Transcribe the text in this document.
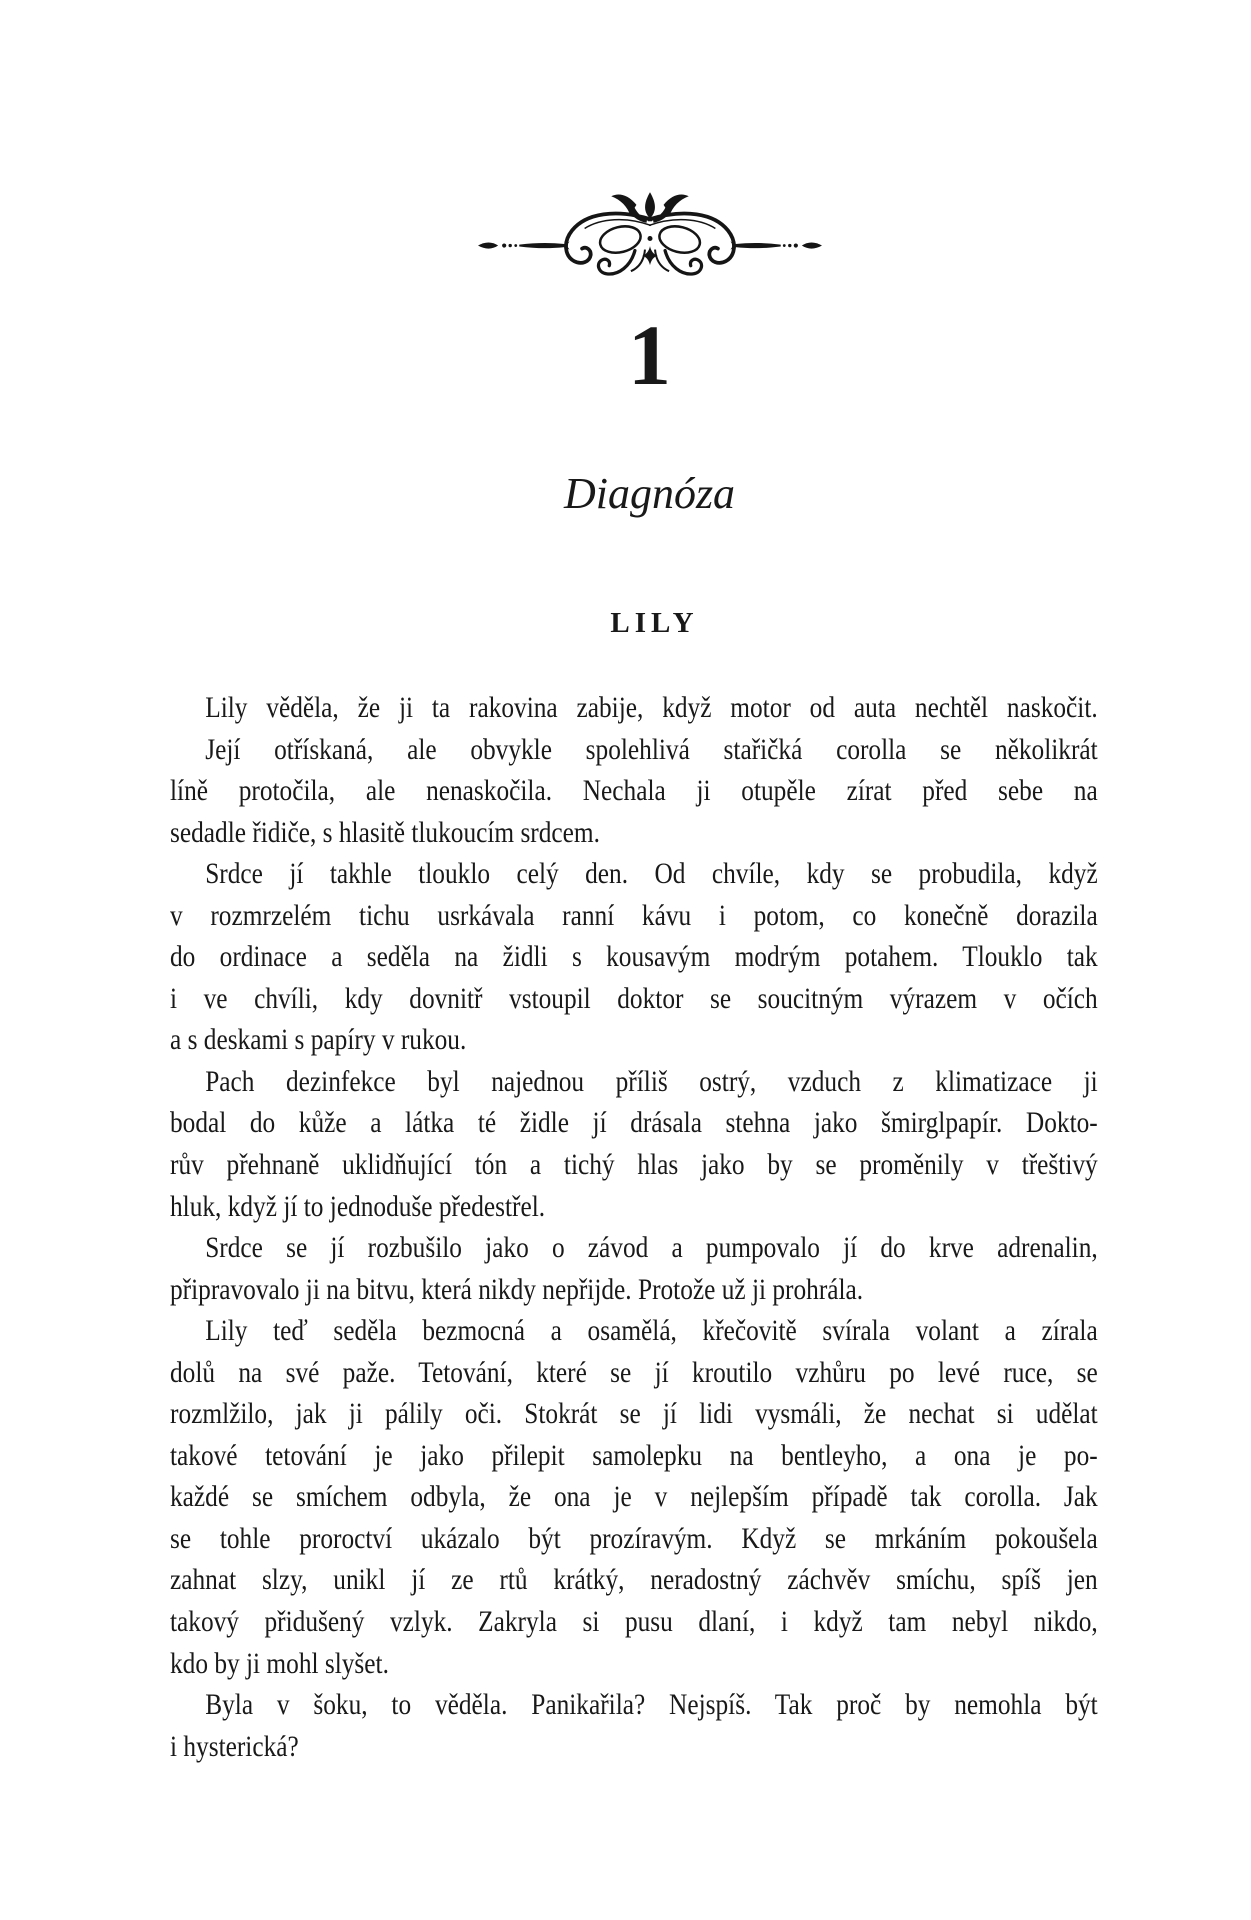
1
Diagnóza
LILY
Lily věděla, že ji ta rakovina zabije, když motor od auta nechtěl naskočit.
Její otřískaná, ale obvykle spolehlivá stařičká corolla se několikrát
líně protočila, ale nenaskočila. Nechala ji otupěle zírat před sebe na
sedadle řidiče, s hlasitě tlukoucím srdcem.
Srdce jí takhle tlouklo celý den. Od chvíle, kdy se probudila, když
v rozmrzelém tichu usrkávala ranní kávu i potom, co konečně dorazila
do ordinace a seděla na židli s kousavým modrým potahem. Tlouklo tak
i ve chvíli, kdy dovnitř vstoupil doktor se soucitným výrazem v očích
a s deskami s papíry v rukou.
Pach dezinfekce byl najednou příliš ostrý, vzduch z klimatizace ji
bodal do kůže a látka té židle jí drásala stehna jako šmirglpapír. Dokto-
rův přehnaně uklidňující tón a tichý hlas jako by se proměnily v třeštivý
hluk, když jí to jednoduše předestřel.
Srdce se jí rozbušilo jako o závod a pumpovalo jí do krve adrenalin,
připravovalo ji na bitvu, která nikdy nepřijde. Protože už ji prohrála.
Lily teď seděla bezmocná a osamělá, křečovitě svírala volant a zírala
dolů na své paže. Tetování, které se jí kroutilo vzhůru po levé ruce, se
rozmlžilo, jak ji pálily oči. Stokrát se jí lidi vysmáli, že nechat si udělat
takové tetování je jako přilepit samolepku na bentleyho, a ona je po-
každé se smíchem odbyla, že ona je v nejlepším případě tak corolla. Jak
se tohle proroctví ukázalo být prozíravým. Když se mrkáním pokoušela
zahnat slzy, unikl jí ze rtů krátký, neradostný záchvěv smíchu, spíš jen
takový přidušený vzlyk. Zakryla si pusu dlaní, i když tam nebyl nikdo,
kdo by ji mohl slyšet.
Byla v šoku, to věděla. Panikařila? Nejspíš. Tak proč by nemohla být
i hysterická?
